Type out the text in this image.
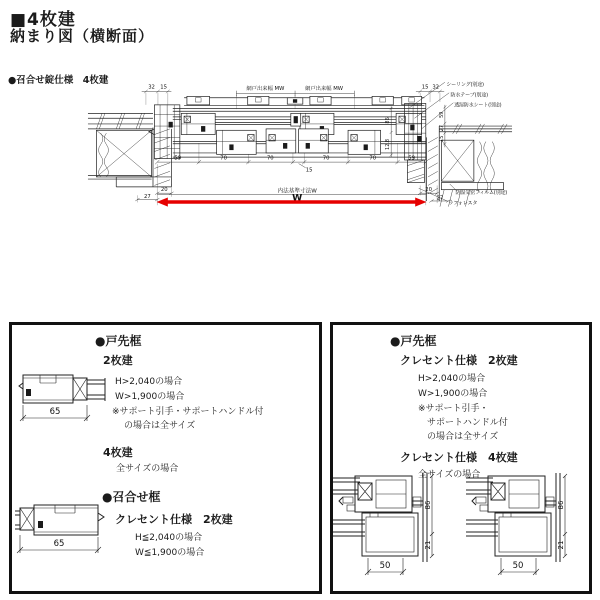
■4枚建
納まり図（横断面）
●召合せ錠仕様　4枚建	シーリング(別途)
防水テープ(別途)
透湿防水シート(別途)
防湿気密フィルム(別途)
ラフォレスタ
網戸出来幅 MW	網戸出来幅 MW
32 15	15 32
59	70	70	70	70	59
15
59
27
15
86
12.8
20
27
20
27
内法基準寸法W
W
●戸先框
2枚建
H>2,040の場合
W>1,900の場合
※サポート引手・サポートハンドル付
の場合は全サイズ
4枚建
全サイズの場合
●召合せ框
クレセント仕様　2枚建
H≦2,040の場合
W≦1,900の場合
65
65
●戸先框
クレセント仕様　2枚建
H>2,040の場合
W>1,900の場合
※サポート引手・
サポートハンドル付
の場合は全サイズ
クレセント仕様　4枚建
全サイズの場合
86
21
50
